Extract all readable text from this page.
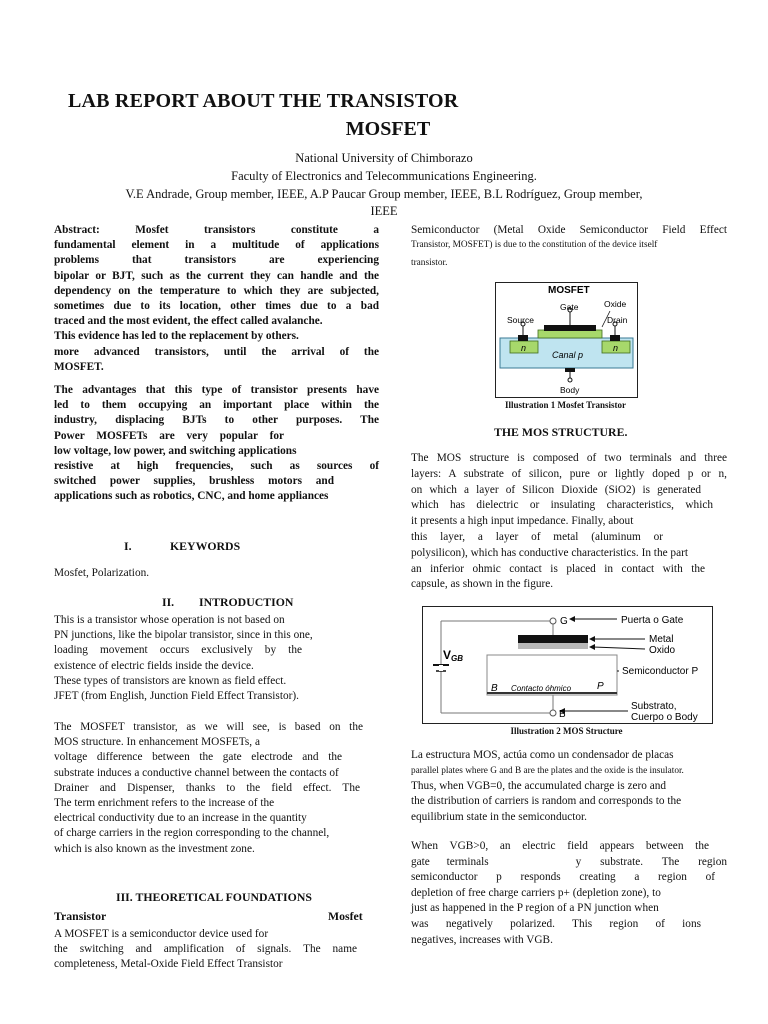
LAB REPORT ABOUT THE TRANSISTOR
MOSFET
National University of Chimborazo
Faculty of Electronics and Telecommunications Engineering.
V.E Andrade, Group member, IEEE, A.P Paucar Group member, IEEE, B.L Rodríguez, Group member,
IEEE
Abstract:	Mosfet transistors constitute a
fundamental element in a multitude of applications
problems that transistors are experiencing
bipolar or BJT, such as the current they can handle and the
dependency on the temperature to which they are subjected,
sometimes due to its location, other times due to a bad
traced and the most evident, the effect called avalanche.
This evidence has led to the replacement by others.
more advanced transistors, until the arrival of the
MOSFET.
The advantages that this type of transistor presents have
led to them occupying an important place within the
industry, displacing BJTs to other purposes. The
Power MOSFETs are very popular for
low voltage, low power, and switching applications
resistive at high frequencies, such as sources of
switched power supplies, brushless motors and
applications such as robotics, CNC, and home appliances
I.	KEYWORDS
Mosfet, Polarization.
II. INTRODUCTION
This is a transistor whose operation is not based on
PN junctions, like the bipolar transistor, since in this one,
loading movement occurs exclusively by the
existence of electric fields inside the device.
These types of transistors are known as field effect.
JFET (from English, Junction Field Effect Transistor).
The MOSFET transistor, as we will see, is based on the
MOS structure. In enhancement MOSFETs, a
voltage difference between the gate electrode and the
substrate induces a conductive channel between the contacts of
Drainer and Dispenser, thanks to the field effect. The
The term enrichment refers to the increase of the
electrical conductivity due to an increase in the quantity
of charge carriers in the region corresponding to the channel,
which is also known as the investment zone.
III. THEORETICAL FOUNDATIONS
Transistor	Mosfet
A MOSFET is a semiconductor device used for
the switching and amplification of signals. The name
completeness, Metal-Oxide Field Effect Transistor
Semiconductor (Metal Oxide Semiconductor Field Effect
Transistor, MOSFET) is due to the constitution of the device itself
transistor.
MOSFET
Gate	Oxide
Source	Drain
n	n
Canal p
Body
Illustration 1 Mosfet Transistor
THE MOS STRUCTURE.
The MOS structure is composed of two terminals and three
layers: A substrate of silicon, pure or lightly doped p or n,
on which a layer of Silicon Dioxide (SiO2) is generated
which has dielectric or insulating characteristics, which
it presents a high input impedance. Finally, about
this layer, a layer of metal (aluminum or
polysilicon), which has conductive characteristics. In the part
an inferior ohmic contact is placed in contact with the
capsule, as shown in the figure.
G	Puerta o Gate
Metal
Oxido
VGB
Semiconductor P
B Contacto óhmico	P
B
Substrato,
Cuerpo o Body
Illustration 2 MOS Structure
La estructura MOS, actúa como un condensador de placas
parallel plates where G and B are the plates and the oxide is the insulator.
Thus, when VGB=0, the accumulated charge is zero and
the distribution of carriers is random and corresponds to the
equilibrium state in the semiconductor.
When VGB>0, an electric field appears between the
gate terminals	y substrate. The region
semiconductor p responds creating a region of
depletion of free charge carriers p+ (depletion zone), to
just as happened in the P region of a PN junction when
was negatively polarized. This region of ions
negatives, increases with VGB.
